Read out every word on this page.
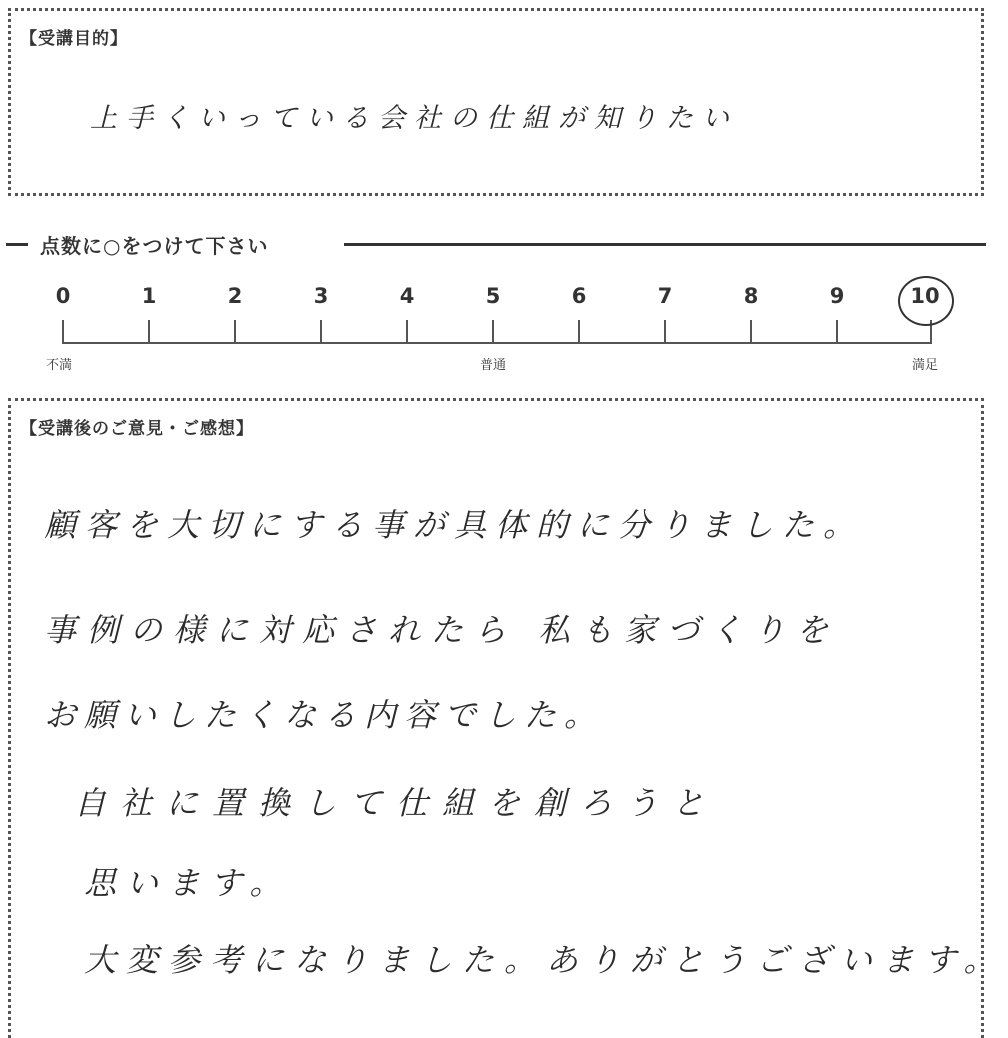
【受講目的】
上手くいっている会社の仕組が知りたい
点数に○をつけて下さい
0	1	2	3	4	5	6	7	8	9	10
不満	普通	満足
【受講後のご意見・ご感想】
顧客を大切にする事が具体的に分りました。
事例の様に対応されたら 私も家づくりを
お願いしたくなる内容でした。
自社に置換して仕組を創ろうと
思います。
大変参考になりました。ありがとうございます。
